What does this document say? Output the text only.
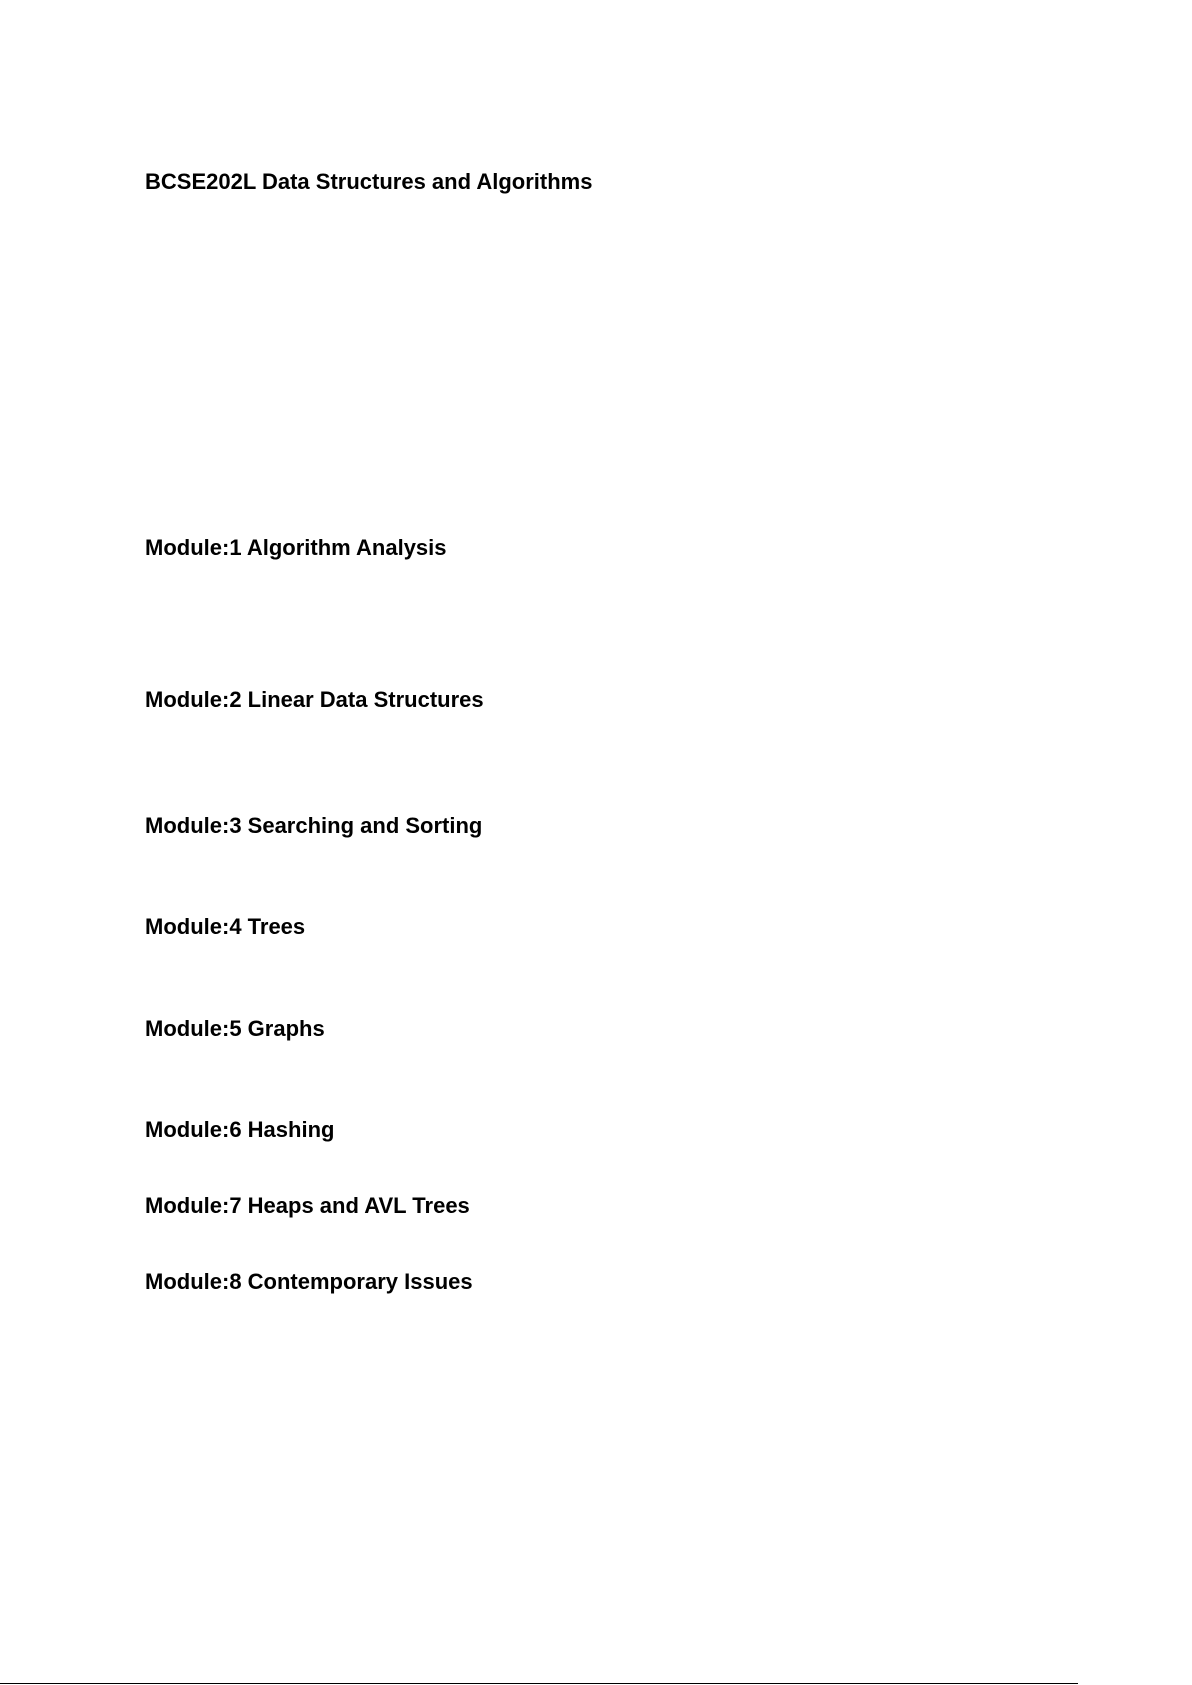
BCSE202L Data Structures and Algorithms
Module:1 Algorithm Analysis
Module:2 Linear Data Structures
Module:3 Searching and Sorting
Module:4 Trees
Module:5 Graphs
Module:6 Hashing
Module:7 Heaps and AVL Trees
Module:8 Contemporary Issues
